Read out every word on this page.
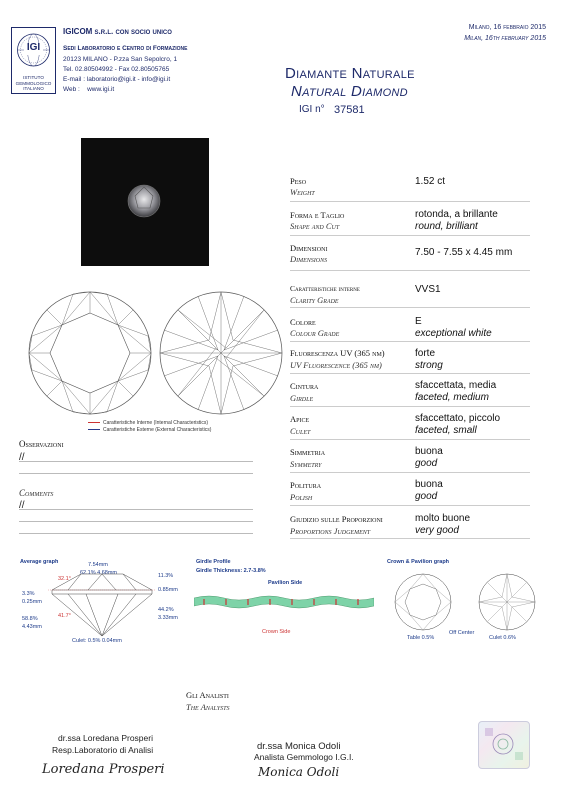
IGI
ISTITUTO GEMMOLOGICO ITALIANO
IGICOM s.r.l. con socio unico
Sedi Laboratorio e Centro di Formazione
20123 MILANO - P.zza San Sepolcro, 1
Tel. 02.80504992 - Fax 02.80505765
E-mail : laboratorio@igi.it - info@igi.it
Web :    www.igi.it
Milano, 16 febbraio 2015
Milan, 16th february 2015
Diamante Naturale
Natural Diamond
IGI n° 37581
Caratteristiche Interne (Internal Characteristics)
Caratteristiche Esterne (External Characteristics)
Osservazioni
//
Comments
//
Peso
Weight
1.52 ct
Forma e Taglio
Shape and Cut
rotonda, a brillante
round, brilliant
Dimensioni
Dimensions
7.50 - 7.55 x 4.45 mm
Caratteristiche interne
Clarity Grade
VVS1
Colore
Colour Grade
E
exceptional white
Fluorescenza UV (365 nm)
UV Fluorescence (365 nm)
forte
strong
Cintura
Girdle
sfaccettata, media
faceted, medium
Apice
Culet
sfaccettato, piccolo
faceted, small
Simmetria
Symmetry
buona
good
Politura
Polish
buona
good
Giudizio sulle Proporzioni
Proportions Judgement
molto buone
very good
Average graph	7.54mm
62.1% 4.68mm
32.1°
41.7°
11.3%
0.85mm
3.3%
0.25mm
44.2%
3.33mm
58.8%
4.43mm
Culet: 0.5% 0.04mm
Girdle Profile
Girdle Thickness: 2.7-3.8%
Pavilion Side
Crown Side
Crown & Pavilion graph
Table 0.5%
Off Center
Culet 0.6%
Gli Analisti
The Analysts
dr.ssa Loredana Prosperi
Resp.Laboratorio di Analisi
Loredana Prosperi
dr.ssa Monica Odoli
Analista Gemmologo I.G.I.
Monica Odoli
